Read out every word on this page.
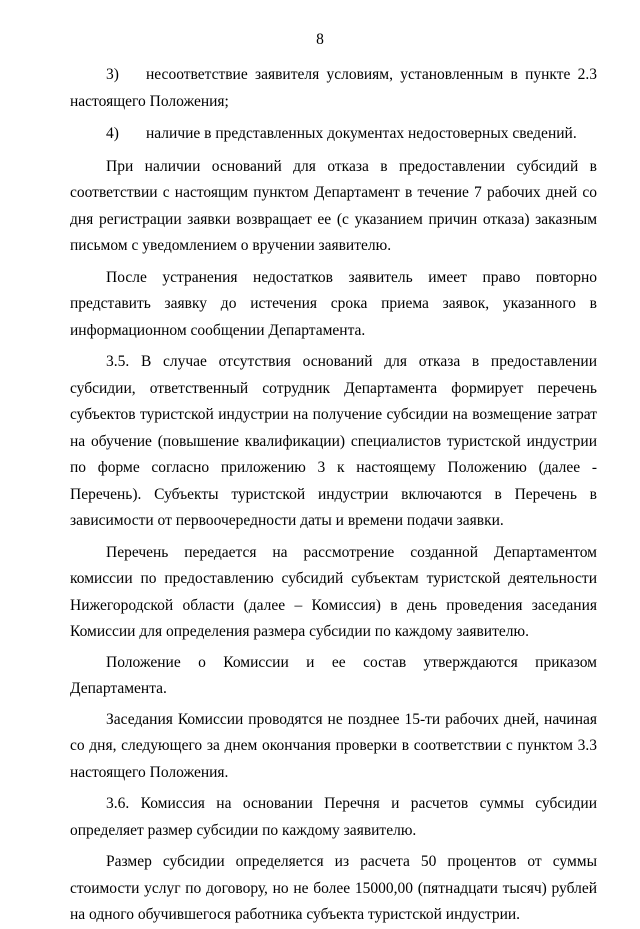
8

3) несоответствие заявителя условиям, установленным в пункте 2.3 настоящего Положения;

4) наличие в представленных документах недостоверных сведений.

При наличии оснований для отказа в предоставлении субсидий в соответствии с настоящим пунктом Департамент в течение 7 рабочих дней со дня регистрации заявки возвращает ее (с указанием причин отказа) заказным письмом с уведомлением о вручении заявителю.

После устранения недостатков заявитель имеет право повторно представить заявку до истечения срока приема заявок, указанного в информационном сообщении Департамента.

3.5. В случае отсутствия оснований для отказа в предоставлении субсидии, ответственный сотрудник Департамента формирует перечень субъектов туристской индустрии на получение субсидии на возмещение затрат на обучение (повышение квалификации) специалистов туристской индустрии по форме согласно приложению 3 к настоящему Положению (далее - Перечень). Субъекты туристской индустрии включаются в Перечень в зависимости от первоочередности даты и времени подачи заявки.

Перечень передается на рассмотрение созданной Департаментом комиссии по предоставлению субсидий субъектам туристской деятельности Нижегородской области (далее – Комиссия) в день проведения заседания Комиссии для определения размера субсидии по каждому заявителю.

Положение о Комиссии и ее состав утверждаются приказом Департамента.

Заседания Комиссии проводятся не позднее 15-ти рабочих дней, начиная со дня, следующего за днем окончания проверки в соответствии с пунктом 3.3 настоящего Положения.

3.6. Комиссия на основании Перечня и расчетов суммы субсидии определяет размер субсидии по каждому заявителю.

Размер субсидии определяется из расчета 50 процентов от суммы стоимости услуг по договору, но не более 15000,00 (пятнадцати тысяч) рублей на одного обучившегося работника субъекта туристской индустрии.
